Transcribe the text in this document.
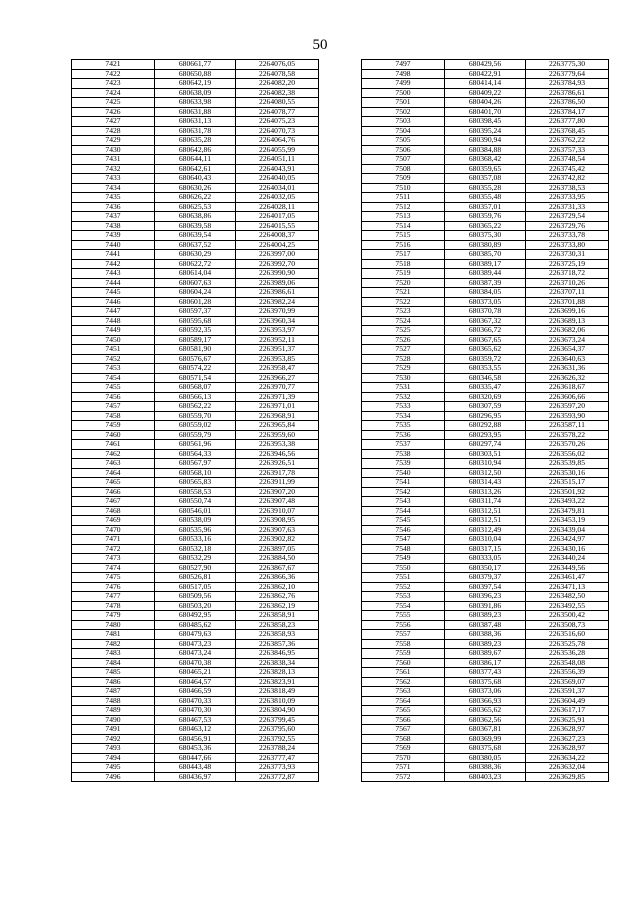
50
7421	680661,77	2264076,05
7422	680650,88	2264078,58
7423	680642,19	2264082,20
7424	680638,09	2264082,38
7425	680633,98	2264080,55
7426	680631,88	2264078,77
7427	680631,13	2264075,23
7428	680631,78	2264070,73
7429	680635,28	2264064,76
7430	680642,86	2264055,99
7431	680644,11	2264051,11
7432	680642,61	2264043,91
7433	680640,43	2264040,05
7434	680630,26	2264034,01
7435	680626,22	2264032,05
7436	680625,53	2264028,11
7437	680638,86	2264017,05
7438	680639,58	2264015,55
7439	680639,54	2264008,37
7440	680637,52	2264004,25
7441	680630,29	2263997,00
7442	680622,72	2263992,70
7443	680614,04	2263990,90
7444	680607,63	2263989,06
7445	680604,24	2263986,61
7446	680601,28	2263982,24
7447	680597,37	2263970,99
7448	680595,68	2263960,34
7449	680592,35	2263953,97
7450	680589,17	2263952,11
7451	680581,90	2263951,37
7452	680576,67	2263953,85
7453	680574,22	2263958,47
7454	680571,54	2263966,27
7455	680568,07	2263970,77
7456	680566,13	2263971,39
7457	680562,22	2263971,01
7458	680559,70	2263968,91
7459	680559,02	2263965,84
7460	680559,79	2263959,60
7461	680561,96	2263953,38
7462	680564,33	2263946,56
7463	680567,97	2263926,51
7464	680568,10	2263917,78
7465	680565,83	2263911,99
7466	680558,53	2263907,20
7467	680550,74	2263907,48
7468	680546,01	2263910,07
7469	680538,09	2263908,95
7470	680535,96	2263907,63
7471	680533,16	2263902,82
7472	680532,18	2263897,05
7473	680532,29	2263884,50
7474	680527,90	2263867,67
7475	680526,81	2263866,36
7476	680517,05	2263862,10
7477	680509,56	2263862,76
7478	680503,20	2263862,19
7479	680492,95	2263858,91
7480	680485,62	2263858,23
7481	680479,63	2263858,93
7482	680473,23	2263857,36
7483	680473,24	2263846,95
7484	680470,38	2263838,34
7485	680465,21	2263828,13
7486	680464,57	2263823,91
7487	680466,59	2263818,49
7488	680470,33	2263810,09
7489	680470,30	2263804,90
7490	680467,53	2263799,45
7491	680463,12	2263795,60
7492	680456,91	2263792,55
7493	680453,36	2263788,24
7494	680447,66	2263777,47
7495	680443,48	2263773,93
7496	680436,97	2263772,87
7497	680429,56	2263775,30
7498	680422,91	2263779,64
7499	680414,14	2263784,93
7500	680409,22	2263786,61
7501	680404,26	2263786,50
7502	680401,70	2263784,17
7503	680398,45	2263777,80
7504	680395,24	2263768,45
7505	680390,94	2263762,22
7506	680384,88	2263757,33
7507	680368,42	2263748,54
7508	680359,65	2263745,42
7509	680357,08	2263742,82
7510	680355,28	2263738,53
7511	680355,48	2263733,95
7512	680357,01	2263731,33
7513	680359,76	2263729,54
7514	680365,22	2263729,76
7515	680375,30	2263733,78
7516	680380,89	2263733,80
7517	680385,70	2263730,31
7518	680389,17	2263725,19
7519	680389,44	2263718,72
7520	680387,39	2263710,26
7521	680384,05	2263707,11
7522	680373,05	2263701,88
7523	680370,78	2263699,16
7524	680367,32	2263689,13
7525	680366,72	2263682,06
7526	680367,65	2263673,24
7527	680365,62	2263654,37
7528	680359,72	2263640,63
7529	680353,55	2263631,36
7530	680346,58	2263626,32
7531	680335,47	2263618,67
7532	680320,69	2263606,66
7533	680307,59	2263597,20
7534	680296,95	2263593,90
7535	680292,88	2263587,11
7536	680293,95	2263578,22
7537	680297,74	2263570,26
7538	680303,51	2263556,02
7539	680310,94	2263539,85
7540	680312,50	2263530,16
7541	680314,43	2263515,17
7542	680313,26	2263501,92
7543	680311,74	2263493,22
7544	680312,51	2263479,81
7545	680312,51	2263453,19
7546	680312,49	2263439,04
7547	680310,04	2263424,97
7548	680317,15	2263430,16
7549	680333,05	2263440,24
7550	680350,17	2263449,56
7551	680379,37	2263461,47
7552	680397,54	2263471,13
7553	680396,23	2263482,50
7554	680391,86	2263492,55
7555	680389,23	2263500,42
7556	680387,48	2263508,73
7557	680388,36	2263516,60
7558	680389,23	2263525,78
7559	680389,67	2263536,28
7560	680386,17	2263548,08
7561	680377,43	2263556,39
7562	680375,68	2263569,07
7563	680373,06	2263591,37
7564	680366,93	2263604,49
7565	680365,62	2263617,17
7566	680362,56	2263625,91
7567	680367,81	2263628,97
7568	680369,99	2263627,23
7569	680375,68	2263628,97
7570	680380,05	2263634,22
7571	680388,36	2263632,04
7572	680403,23	2263629,85
